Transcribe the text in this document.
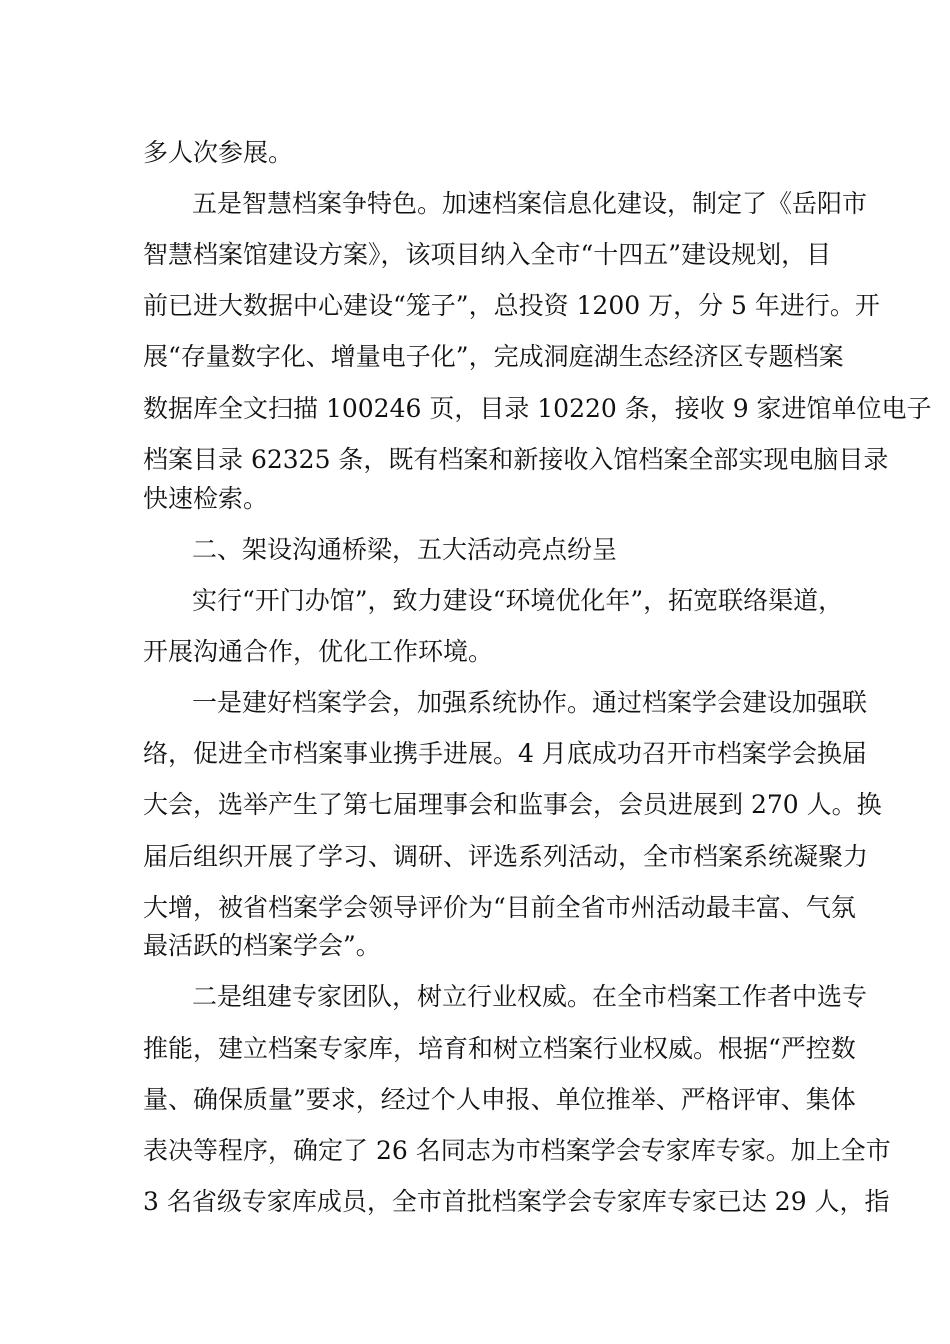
多人次参展。

五是智慧档案争特色。加速档案信息化建设，制定了《岳阳市

智慧档案馆建设方案》，该项目纳入全市“十四五”建设规划，目

前已进大数据中心建设“笼子”，总投资 1200 万，分 5 年进行。开

展“存量数字化、增量电子化”，完成洞庭湖生态经济区专题档案

数据库全文扫描 100246 页，目录 10220 条，接收 9 家进馆单位电子

档案目录 62325 条，既有档案和新接收入馆档案全部实现电脑目录

快速检索。

二、架设沟通桥梁，五大活动亮点纷呈

实行“开门办馆”，致力建设“环境优化年”，拓宽联络渠道，

开展沟通合作，优化工作环境。

一是建好档案学会，加强系统协作。通过档案学会建设加强联

络，促进全市档案事业携手进展。4 月底成功召开市档案学会换届

大会，选举产生了第七届理事会和监事会，会员进展到 270 人。换

届后组织开展了学习、调研、评选系列活动，全市档案系统凝聚力

大增，被省档案学会领导评价为“目前全省市州活动最丰富、气氛

最活跃的档案学会”。

二是组建专家团队，树立行业权威。在全市档案工作者中选专

推能，建立档案专家库，培育和树立档案行业权威。根据“严控数

量、确保质量”要求，经过个人申报、单位推举、严格评审、集体

表决等程序，确定了 26 名同志为市档案学会专家库专家。加上全市

3 名省级专家库成员，全市首批档案学会专家库专家已达 29 人，指
